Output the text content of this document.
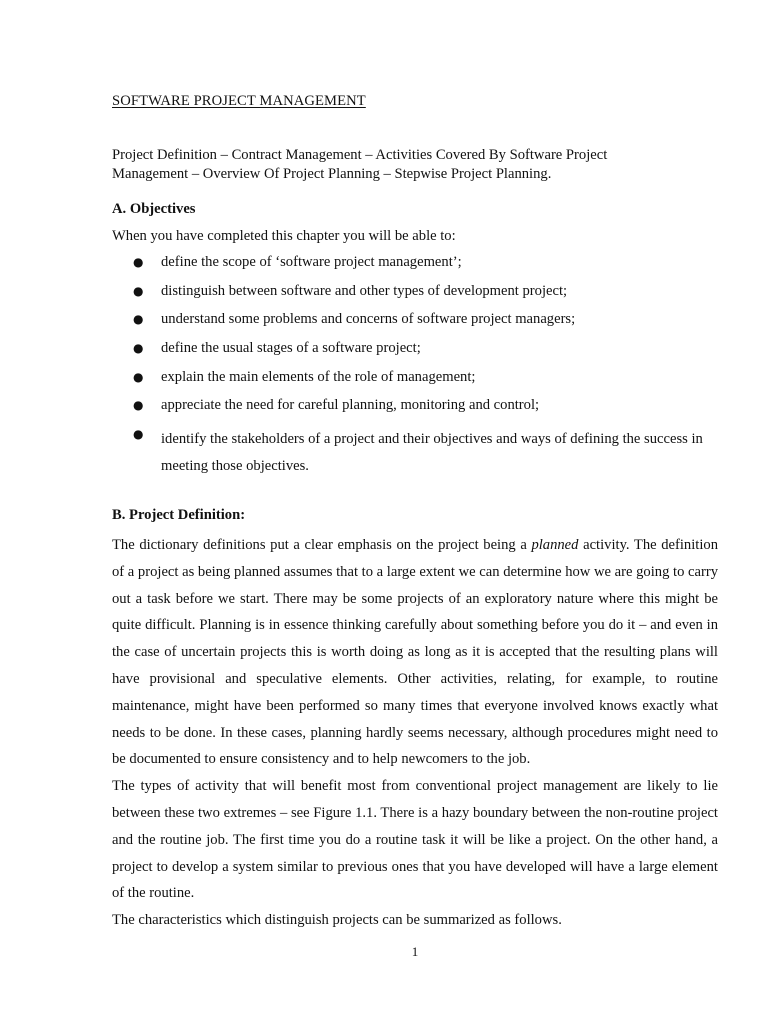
SOFTWARE PROJECT MANAGEMENT
Project Definition – Contract Management – Activities Covered By Software Project
Management – Overview Of Project Planning – Stepwise Project Planning.
A. Objectives
When you have completed this chapter you will be able to:
● define the scope of ‘software project management’;
● distinguish between software and other types of development project;
● understand some problems and concerns of software project managers;
● define the usual stages of a software project;
● explain the main elements of the role of management;
● appreciate the need for careful planning, monitoring and control;
● identify the stakeholders of a project and their objectives and ways of defining the success in meeting those objectives.
B. Project Definition:

The dictionary definitions put a clear emphasis on the project being a planned activity. The definition of a project as being planned assumes that to a large extent we can determine how we are going to carry out a task before we start. There may be some projects of an exploratory nature where this might be quite difficult. Planning is in essence thinking carefully about something before you do it – and even in the case of uncertain projects this is worth doing as long as it is accepted that the resulting plans will have provisional and speculative elements. Other activities, relating, for example, to routine maintenance, might have been performed so many times that everyone involved knows exactly what needs to be done. In these cases, planning hardly seems necessary, although procedures might need to be documented to ensure consistency and to help newcomers to the job.

The types of activity that will benefit most from conventional project management are likely to lie between these two extremes – see Figure 1.1. There is a hazy boundary between the non-routine project and the routine job. The first time you do a routine task it will be like a project. On the other hand, a project to develop a system similar to previous ones that you have developed will have a large element of the routine.

The characteristics which distinguish projects can be summarized as follows.

1
